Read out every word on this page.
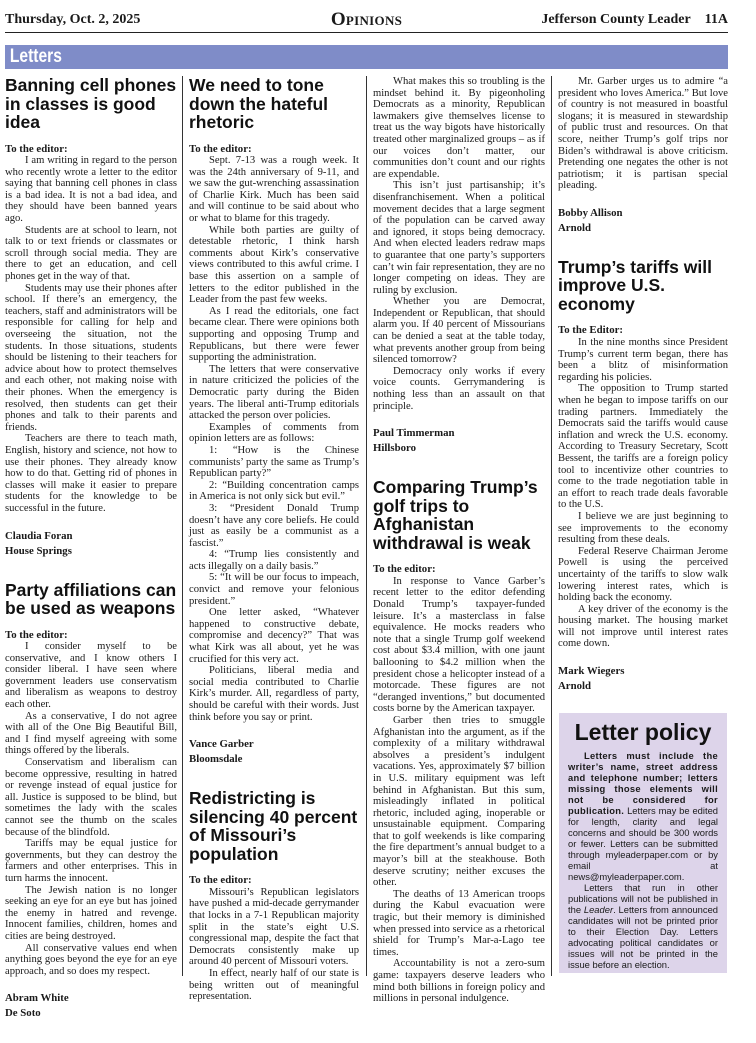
Thursday, Oct. 2, 2025	Opinions	Jefferson County Leader 11A
Letters
Banning cell phones in classes is good idea
To the editor:

I am writing in regard to the person who recently wrote a letter to the editor saying that banning cell phones in class is a bad idea. It is not a bad idea, and they should have been banned years ago.

Students are at school to learn, not talk to or text friends or classmates or scroll through social media. They are there to get an education, and cell phones get in the way of that.

Students may use their phones after school. If there’s an emergency, the teachers, staff and administrators will be responsible for calling for help and overseeing the situation, not the students. In those situations, students should be listening to their teachers for advice about how to protect themselves and each other, not making noise with their phones. When the emergency is resolved, then students can get their phones and talk to their parents and friends.

Teachers are there to teach math, English, history and science, not how to use their phones. They already know how to do that. Getting rid of phones in classes will make it easier to prepare students for the knowledge to be successful in the future.

Claudia Foran
House Springs
Party affiliations can be used as weapons
To the editor:

I consider myself to be conservative, and I know others I consider liberal. I have seen where government leaders use conservatism and liberalism as weapons to destroy each other.

As a conservative, I do not agree with all of the One Big Beautiful Bill, and I find myself agreeing with some things offered by the liberals.

Conservatism and liberalism can become oppressive, resulting in hatred or revenge instead of equal justice for all. Justice is supposed to be blind, but sometimes the lady with the scales cannot see the thumb on the scales because of the blindfold.

Tariffs may be equal justice for governments, but they can destroy the farmers and other enterprises. This in turn harms the innocent.

The Jewish nation is no longer seeking an eye for an eye but has joined the enemy in hatred and revenge. Innocent families, children, homes and cities are being destroyed.

All conservative values end when anything goes beyond the eye for an eye approach, and so does my respect.

Abram White
De Soto
We need to tone down the hateful rhetoric
To the editor:

Sept. 7-13 was a rough week. It was the 24th anniversary of 9-11, and we saw the gut-wrenching assassination of Charlie Kirk. Much has been said and will continue to be said about who or what to blame for this tragedy.

While both parties are guilty of detestable rhetoric, I think harsh comments about Kirk’s conservative views contributed to this awful crime. I base this assertion on a sample of letters to the editor published in the Leader from the past few weeks.

As I read the editorials, one fact became clear. There were opinions both supporting and opposing Trump and Republicans, but there were fewer supporting the administration.

The letters that were conservative in nature criticized the policies of the Democratic party during the Biden years. The liberal anti-Trump editorials attacked the person over policies.

Examples of comments from opinion letters are as follows:

1: “How is the Chinese communists’ party the same as Trump’s Republican party?”

2: “Building concentration camps in America is not only sick but evil.”

3: “President Donald Trump doesn’t have any core beliefs. He could just as easily be a communist as a fascist.”

4: “Trump lies consistently and acts illegally on a daily basis.”

5: “It will be our focus to impeach, convict and remove your felonious president.”

One letter asked, “Whatever happened to constructive debate, compromise and decency?” That was what Kirk was all about, yet he was crucified for this very act.

Politicians, liberal media and social media contributed to Charlie Kirk’s murder. All, regardless of party, should be careful with their words. Just think before you say or print.

Vance Garber
Bloomsdale
Redistricting is silencing 40 percent of Missouri’s population
To the editor:

Missouri’s Republican legislators have pushed a mid-decade gerrymander that locks in a 7-1 Republican majority split in the state’s eight U.S. congressional map, despite the fact that Democrats consistently make up around 40 percent of Missouri voters.

In effect, nearly half of our state is being written out of meaningful representation.

What makes this so troubling is the mindset behind it. By pigeonholing Democrats as a minority, Republican lawmakers give themselves license to treat us the way bigots have historically treated other marginalized groups – as if our voices don’t matter, our communities don’t count and our rights are expendable.

This isn’t just partisanship; it’s disenfranchisement. When a political movement decides that a large segment of the population can be carved away and ignored, it stops being democracy. And when elected leaders redraw maps to guarantee that one party’s supporters can’t win fair representation, they are no longer competing on ideas. They are ruling by exclusion.

Whether you are Democrat, Independent or Republican, that should alarm you. If 40 percent of Missourians can be denied a seat at the table today, what prevents another group from being silenced tomorrow?

Democracy only works if every voice counts. Gerrymandering is nothing less than an assault on that principle.

Paul Timmerman
Hillsboro
Comparing Trump’s golf trips to Afghanistan withdrawal is weak
To the editor:

In response to Vance Garber’s recent letter to the editor defending Donald Trump’s taxpayer-funded leisure. It’s a masterclass in false equivalence. He mocks readers who note that a single Trump golf weekend cost about $3.4 million, with one jaunt ballooning to $4.2 million when the president chose a helicopter instead of a motorcade. These figures are not “deranged inventions,” but documented costs borne by the American taxpayer.

Garber then tries to smuggle Afghanistan into the argument, as if the complexity of a military withdrawal absolves a president’s indulgent vacations. Yes, approximately $7 billion in U.S. military equipment was left behind in Afghanistan. But this sum, misleadingly inflated in political rhetoric, included aging, inoperable or unsustainable equipment. Comparing that to golf weekends is like comparing the fire department’s annual budget to a mayor’s bill at the steakhouse. Both deserve scrutiny; neither excuses the other.

The deaths of 13 American troops during the Kabul evacuation were tragic, but their memory is diminished when pressed into service as a rhetorical shield for Trump’s Mar-a-Lago tee times.

Accountability is not a zero-sum game: taxpayers deserve leaders who mind both billions in foreign policy and millions in personal indulgence.

Mr. Garber urges us to admire “a president who loves America.” But love of country is not measured in boastful slogans; it is measured in stewardship of public trust and resources. On that score, neither Trump’s golf trips nor Biden’s withdrawal is above criticism. Pretending one negates the other is not patriotism; it is partisan special pleading.

Bobby Allison
Arnold
Trump’s tariffs will improve U.S. economy
To the Editor:

In the nine months since President Trump’s current term began, there has been a blitz of misinformation regarding his policies.

The opposition to Trump started when he began to impose tariffs on our trading partners. Immediately the Democrats said the tariffs would cause inflation and wreck the U.S. economy. According to Treasury Secretary, Scott Bessent, the tariffs are a foreign policy tool to incentivize other countries to come to the trade negotiation table in an effort to reach trade deals favorable to the U.S.

I believe we are just beginning to see improvements to the economy resulting from these deals.

Federal Reserve Chairman Jerome Powell is using the perceived uncertainty of the tariffs to slow walk lowering interest rates, which is holding back the economy.

A key driver of the economy is the housing market. The housing market will not improve until interest rates come down.

Mark Wiegers
Arnold
Letter policy

Letters must include the writer’s name, street address and telephone number; letters missing those elements will not be considered for publication. Letters may be edited for length, clarity and legal concerns and should be 300 words or fewer. Letters can be submitted through myleaderpaper.com or by email at news@myleaderpaper.com.

Letters that run in other publications will not be published in the Leader. Letters from announced candidates will not be printed prior to their Election Day. Letters advocating political candidates or issues will not be printed in the issue before an election.
